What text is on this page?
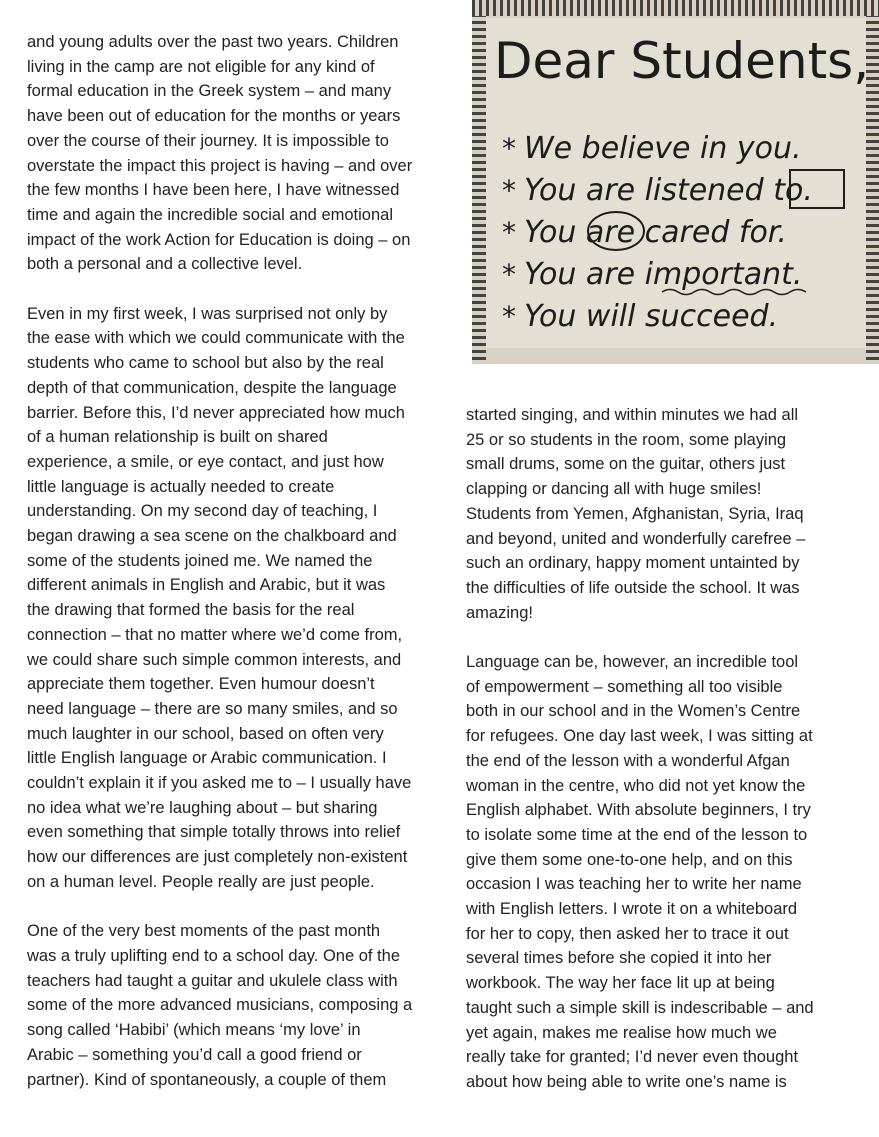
Dear Students,
* We believe in you.
* You are listened to.
* You are cared for.
* You are important.
* You will succeed.

and young adults over the past two years. Children

living in the camp are not eligible for any kind of

formal education in the Greek system – and many

have been out of education for the months or years

over the course of their journey. It is impossible to

overstate the impact this project is having – and over

the few months I have been here, I have witnessed

time and again the incredible social and emotional

impact of the work Action for Education is doing – on

both a personal and a collective level.

Even in my first week, I was surprised not only by

the ease with which we could communicate with the

students who came to school but also by the real

depth of that communication, despite the language

barrier. Before this, I’d never appreciated how much

of a human relationship is built on shared

experience, a smile, or eye contact, and just how

little language is actually needed to create

understanding. On my second day of teaching, I

began drawing a sea scene on the chalkboard and

some of the students joined me. We named the

different animals in English and Arabic, but it was

the drawing that formed the basis for the real

connection – that no matter where we’d come from,

we could share such simple common interests, and

appreciate them together. Even humour doesn’t

need language – there are so many smiles, and so

much laughter in our school, based on often very

little English language or Arabic communication. I

couldn’t explain it if you asked me to – I usually have

no idea what we’re laughing about – but sharing

even something that simple totally throws into relief

how our differences are just completely non-existent

on a human level. People really are just people.

One of the very best moments of the past month

was a truly uplifting end to a school day. One of the

teachers had taught a guitar and ukulele class with

some of the more advanced musicians, composing a

song called ‘Habibi’ (which means ‘my love’ in

Arabic – something you’d call a good friend or

partner). Kind of spontaneously, a couple of them

started singing, and within minutes we had all

25 or so students in the room, some playing

small drums, some on the guitar, others just

clapping or dancing all with huge smiles!

Students from Yemen, Afghanistan, Syria, Iraq

and beyond, united and wonderfully carefree –

such an ordinary, happy moment untainted by

the difficulties of life outside the school. It was

amazing!

Language can be, however, an incredible tool

of empowerment – something all too visible

both in our school and in the Women’s Centre

for refugees. One day last week, I was sitting at

the end of the lesson with a wonderful Afgan

woman in the centre, who did not yet know the

English alphabet. With absolute beginners, I try

to isolate some time at the end of the lesson to

give them some one-to-one help, and on this

occasion I was teaching her to write her name

with English letters. I wrote it on a whiteboard

for her to copy, then asked her to trace it out

several times before she copied it into her

workbook. The way her face lit up at being

taught such a simple skill is indescribable – and

yet again, makes me realise how much we

really take for granted; I’d never even thought

about how being able to write one’s name is
